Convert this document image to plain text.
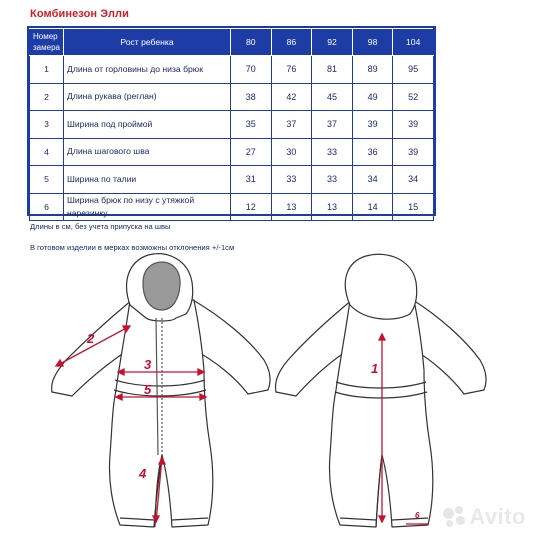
Комбинезон Элли
Номер замера	Рост ребенка	80	86	92	98	104
1	Длина от горловины до низа брюк	70	76	81	89	95
2	Длина рукава (реглан)	38	42	45	49	52
3	Ширина под проймой	35	37	37	39	39
4	Длина шагового шва	27	30	33	36	39
5	Ширина по талии	31	33	33	34	34
6	Ширина брюк по низу с утяжкой нарезинку	12	13	13	14	15
Длины в см, без учета припуска на швы
В готовом изделии в мерках возможны отклонения +/-1см
2
3
5
4
1
6 Avito
